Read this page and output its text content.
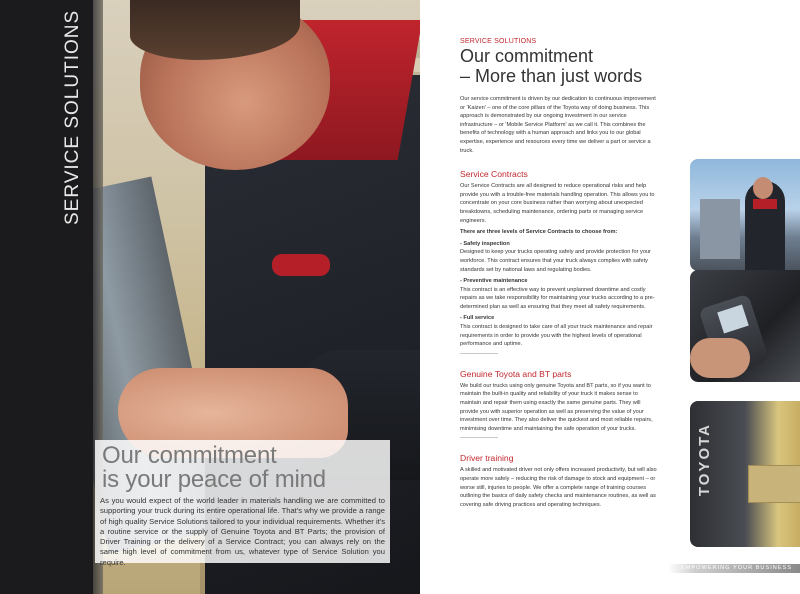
SERVICE SOLUTIONS
Our commitment
is your peace of mind

As you would expect of the world leader in materials handling we are committed to supporting your truck during its entire operational life. That's why we provide a range of high quality Service Solutions tailored to your individual requirements. Whether it's a routine service or the supply of Genuine Toyota and BT Parts; the provision of Driver Training or the delivery of a Service Contract; you can always rely on the same high level of commitment from us, whatever type of Service Solution you require.

SERVICE SOLUTIONS

Our commitment
– More than just words

Our service commitment is driven by our dedication to continuous improvement or 'Kaizen' – one of the core pillars of the Toyota way of doing business. This approach is demonstrated by our ongoing investment in our service infrastructure – or 'Mobile Service Platform' as we call it. This combines the benefits of technology with a human approach and links you to our global expertise, experience and resources every time we deliver a part or service a truck.

Service Contracts

Our Service Contracts are all designed to reduce operational risks and help provide you with a trouble-free materials handling operation. This allows you to concentrate on your core business rather than worrying about unexpected breakdowns, scheduling maintenance, ordering parts or managing service engineers.

There are three levels of Service Contracts to choose from:

- Safety inspection

Designed to keep your trucks operating safely and provide protection for your workforce. This contract ensures that your truck always complies with safety standards set by national laws and regulating bodies.

- Preventive maintenance

This contract is an effective way to prevent unplanned downtime and costly repairs as we take responsibility for maintaining your trucks according to a pre-determined plan as well as ensuring that they meet all safety requirements.

- Full service

This contract is designed to take care of all your truck maintenance and repair requirements in order to provide you with the highest levels of operational performance and uptime.

Genuine Toyota and BT parts

We build our trucks using only genuine Toyota and BT parts, so if you want to maintain the built-in quality and reliability of your truck it makes sense to maintain and repair them using exactly the same genuine parts. They will provide you with superior operation as well as preserving the value of your investment over time. They also deliver the quickest and most reliable repairs, minimising downtime and maintaining the safe operation of your trucks.

Driver training

A skilled and motivated driver not only offers increased productivity, but will also operate more safely – reducing the risk of damage to stock and equipment – or worse still, injuries to people. We offer a complete range of training courses outlining the basics of daily safety checks and maintenance routines, as well as covering safe driving practices and operating techniques.

TOYOTA
EMPOWERING YOUR BUSINESS
